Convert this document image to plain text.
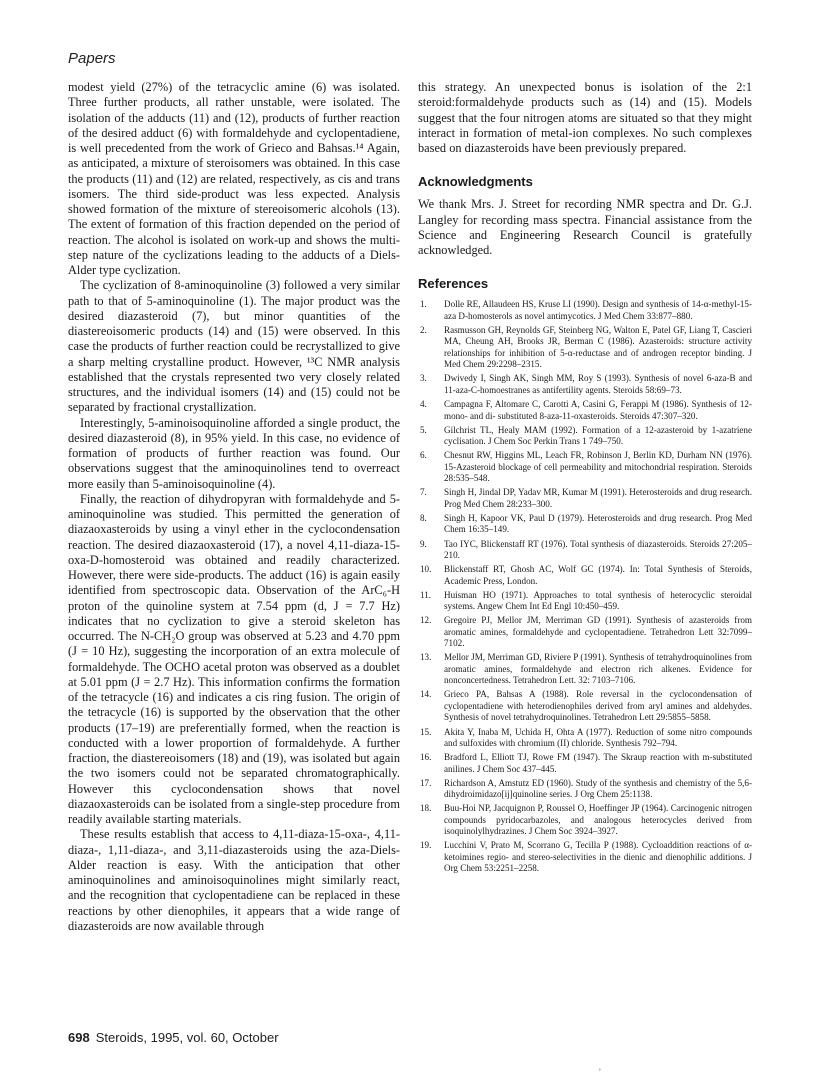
Papers

modest yield (27%) of the tetracyclic amine (6) was isolated. Three further products, all rather unstable, were isolated. The isolation of the adducts (11) and (12), products of further reaction of the desired adduct (6) with formaldehyde and cyclopentadiene, is well precedented from the work of Grieco and Bahsas.¹⁴ Again, as anticipated, a mixture of steroisomers was obtained. In this case the products (11) and (12) are related, respectively, as cis and trans isomers. The third side-product was less expected. Analysis showed formation of the mixture of stereoisomeric alcohols (13). The extent of formation of this fraction depended on the period of reaction. The alcohol is isolated on work-up and shows the multi-step nature of the cyclizations leading to the adducts of a Diels-Alder type cyclization.

The cyclization of 8-aminoquinoline (3) followed a very similar path to that of 5-aminoquinoline (1). The major product was the desired diazasteroid (7), but minor quantities of the diastereoisomeric products (14) and (15) were observed. In this case the products of further reaction could be recrystallized to give a sharp melting crystalline product. However, ¹³C NMR analysis established that the crystals represented two very closely related structures, and the individual isomers (14) and (15) could not be separated by fractional crystallization.

Interestingly, 5-aminoisoquinoline afforded a single product, the desired diazasteroid (8), in 95% yield. In this case, no evidence of formation of products of further reaction was found. Our observations suggest that the aminoquinolines tend to overreact more easily than 5-aminoisoquinoline (4).

Finally, the reaction of dihydropyran with formaldehyde and 5-aminoquinoline was studied. This permitted the generation of diazaoxasteroids by using a vinyl ether in the cyclocondensation reaction. The desired diazaoxasteroid (17), a novel 4,11-diaza-15-oxa-D-homosteroid was obtained and readily characterized. However, there were side-products. The adduct (16) is again easily identified from spectroscopic data. Observation of the ArC₆-H proton of the quinoline system at 7.54 ppm (d, J = 7.7 Hz) indicates that no cyclization to give a steroid skeleton has occurred. The N-CH₂O group was observed at 5.23 and 4.70 ppm (J = 10 Hz), suggesting the incorporation of an extra molecule of formaldehyde. The OCHO acetal proton was observed as a doublet at 5.01 ppm (J = 2.7 Hz). This information confirms the formation of the tetracycle (16) and indicates a cis ring fusion. The origin of the tetracycle (16) is supported by the observation that the other products (17–19) are preferentially formed, when the reaction is conducted with a lower proportion of formaldehyde. A further fraction, the diastereoisomers (18) and (19), was isolated but again the two isomers could not be separated chromatographically. However this cyclocondensation shows that novel diazaoxasteroids can be isolated from a single-step procedure from readily available starting materials.

These results establish that access to 4,11-diaza-15-oxa-, 4,11-diaza-, 1,11-diaza-, and 3,11-diazasteroids using the aza-Diels-Alder reaction is easy. With the anticipation that other aminoquinolines and aminoisoquinolines might similarly react, and the recognition that cyclopentadiene can be replaced in these reactions by other dienophiles, it appears that a wide range of diazasteroids are now available through

this strategy. An unexpected bonus is isolation of the 2:1 steroid:formaldehyde products such as (14) and (15). Models suggest that the four nitrogen atoms are situated so that they might interact in formation of metal-ion complexes. No such complexes based on diazasteroids have been previously prepared.

Acknowledgments

We thank Mrs. J. Street for recording NMR spectra and Dr. G.J. Langley for recording mass spectra. Financial assistance from the Science and Engineering Research Council is gratefully acknowledged.

References
1.	Dolle RE, Allaudeen HS, Kruse LI (1990). Design and synthesis of 14-α-methyl-15-aza D-homosterols as novel antimycotics. J Med Chem 33:877–880.
2.	Rasmusson GH, Reynolds GF, Steinberg NG, Walton E, Patel GF, Liang T, Cascieri MA, Cheung AH, Brooks JR, Berman C (1986). Azasteroids: structure activity relationships for inhibition of 5-α-reductase and of androgen receptor binding. J Med Chem 29:2298–2315.
3.	Dwivedy I, Singh AK, Singh MM, Roy S (1993). Synthesis of novel 6-aza-B and 11-aza-C-homoestranes as antifertility agents. Steroids 58:69–73.
4.	Campagna F, Altomare C, Carotti A, Casini G, Ferappi M (1986). Synthesis of 12-mono- and di- substituted 8-aza-11-oxasteroids. Steroids 47:307–320.
5.	Gilchrist TL, Healy MAM (1992). Formation of a 12-azasteroid by 1-azatriene cyclisation. J Chem Soc Perkin Trans 1 749–750.
6.	Chesnut RW, Higgins ML, Leach FR, Robinson J, Berlin KD, Durham NN (1976). 15-Azasteroid blockage of cell permeability and mitochondrial respiration. Steroids 28:535–548.
7.	Singh H, Jindal DP, Yadav MR, Kumar M (1991). Heterosteroids and drug research. Prog Med Chem 28:233–300.
8.	Singh H, Kapoor VK, Paul D (1979). Heterosteroids and drug research. Prog Med Chem 16:35–149.
9.	Tao IYC, Blickenstaff RT (1976). Total synthesis of diazasteroids. Steroids 27:205–210.
10.	Blickenstaff RT, Ghosh AC, Wolf GC (1974). In: Total Synthesis of Steroids, Academic Press, London.
11.	Huisman HO (1971). Approaches to total synthesis of heterocyclic steroidal systems. Angew Chem Int Ed Engl 10:450–459.
12.	Gregoire PJ, Mellor JM, Merriman GD (1991). Synthesis of azasteroids from aromatic amines, formaldehyde and cyclopentadiene. Tetrahedron Lett 32:7099–7102.
13.	Mellor JM, Merriman GD, Riviere P (1991). Synthesis of tetrahydroquinolines from aromatic amines, formaldehyde and electron rich alkenes. Evidence for nonconcertedness. Tetrahedron Lett. 32: 7103–7106.
14.	Grieco PA, Bahsas A (1988). Role reversal in the cyclocondensation of cyclopentadiene with heterodienophiles derived from aryl amines and aldehydes. Synthesis of novel tetrahydroquinolines. Tetrahedron Lett 29:5855–5858.
15.	Akita Y, Inaba M, Uchida H, Ohta A (1977). Reduction of some nitro compounds and sulfoxides with chromium (II) chloride. Synthesis 792–794.
16.	Bradford L, Elliott TJ, Rowe FM (1947). The Skraup reaction with m-substituted anilines. J Chem Soc 437–445.
17.	Richardson A, Amstutz ED (1960). Study of the synthesis and chemistry of the 5,6-dihydroimidazo[ij]quinoline series. J Org Chem 25:1138.
18.	Buu-Hoi NP, Jacquignon P, Roussel O, Hoeffinger JP (1964). Carcinogenic nitrogen compounds pyridocarbazoles, and analogous heterocycles derived from isoquinolylhydrazines. J Chem Soc 3924–3927.
19.	Lucchini V, Prato M, Scorrano G, Tecilla P (1988). Cycloaddition reactions of α-ketoimines regio- and stereo-selectivities in the dienic and dienophilic additions. J Org Chem 53:2251–2258.
698 Steroids, 1995, vol. 60, October
¸
